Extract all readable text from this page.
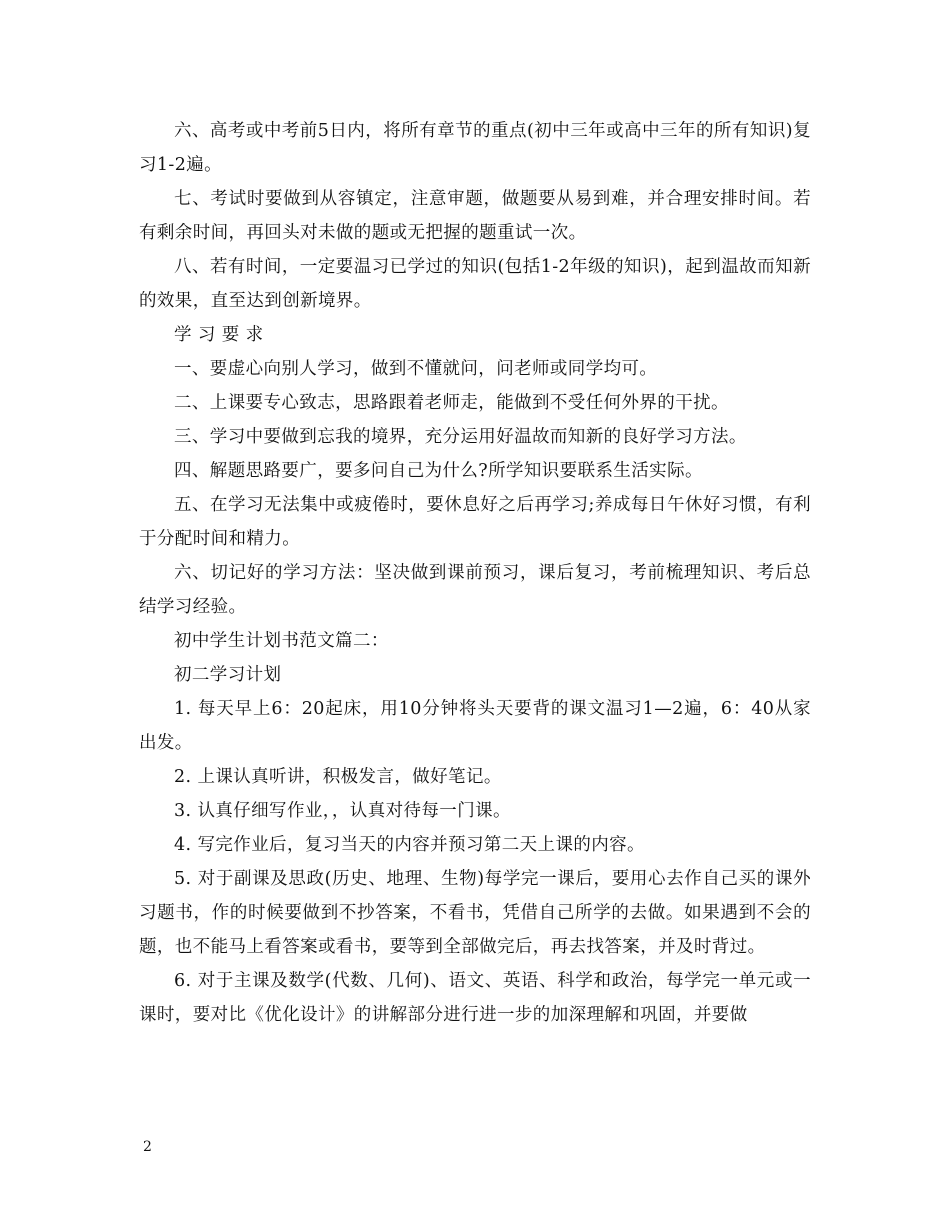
六、高考或中考前5日内，将所有章节的重点(初中三年或高中三年的所有知识)复习1-2遍。

七、考试时要做到从容镇定，注意审题，做题要从易到难，并合理安排时间。若有剩余时间，再回头对未做的题或无把握的题重试一次。

八、若有时间，一定要温习已学过的知识(包括1-2年级的知识)，起到温故而知新的效果，直至达到创新境界。

学 习 要 求

一、要虚心向别人学习，做到不懂就问，问老师或同学均可。

二、上课要专心致志，思路跟着老师走，能做到不受任何外界的干扰。

三、学习中要做到忘我的境界，充分运用好温故而知新的良好学习方法。

四、解题思路要广，要多问自己为什么?所学知识要联系生活实际。

五、在学习无法集中或疲倦时，要休息好之后再学习;养成每日午休好习惯，有利于分配时间和精力。

六、切记好的学习方法：坚决做到课前预习，课后复习，考前梳理知识、考后总结学习经验。

初中学生计划书范文篇二：

初二学习计划

1. 每天早上6：20起床，用10分钟将头天要背的课文温习1—2遍，6：40从家出发。

2. 上课认真听讲，积极发言，做好笔记。

3. 认真仔细写作业，，认真对待每一门课。

4. 写完作业后，复习当天的内容并预习第二天上课的内容。

5. 对于副课及思政(历史、地理、生物)每学完一课后，要用心去作自己买的课外习题书，作的时候要做到不抄答案，不看书，凭借自己所学的去做。如果遇到不会的题，也不能马上看答案或看书，要等到全部做完后，再去找答案，并及时背过。

6. 对于主课及数学(代数、几何)、语文、英语、科学和政治，每学完一单元或一课时，要对比《优化设计》的讲解部分进行进一步的加深理解和巩固，并要做

2
